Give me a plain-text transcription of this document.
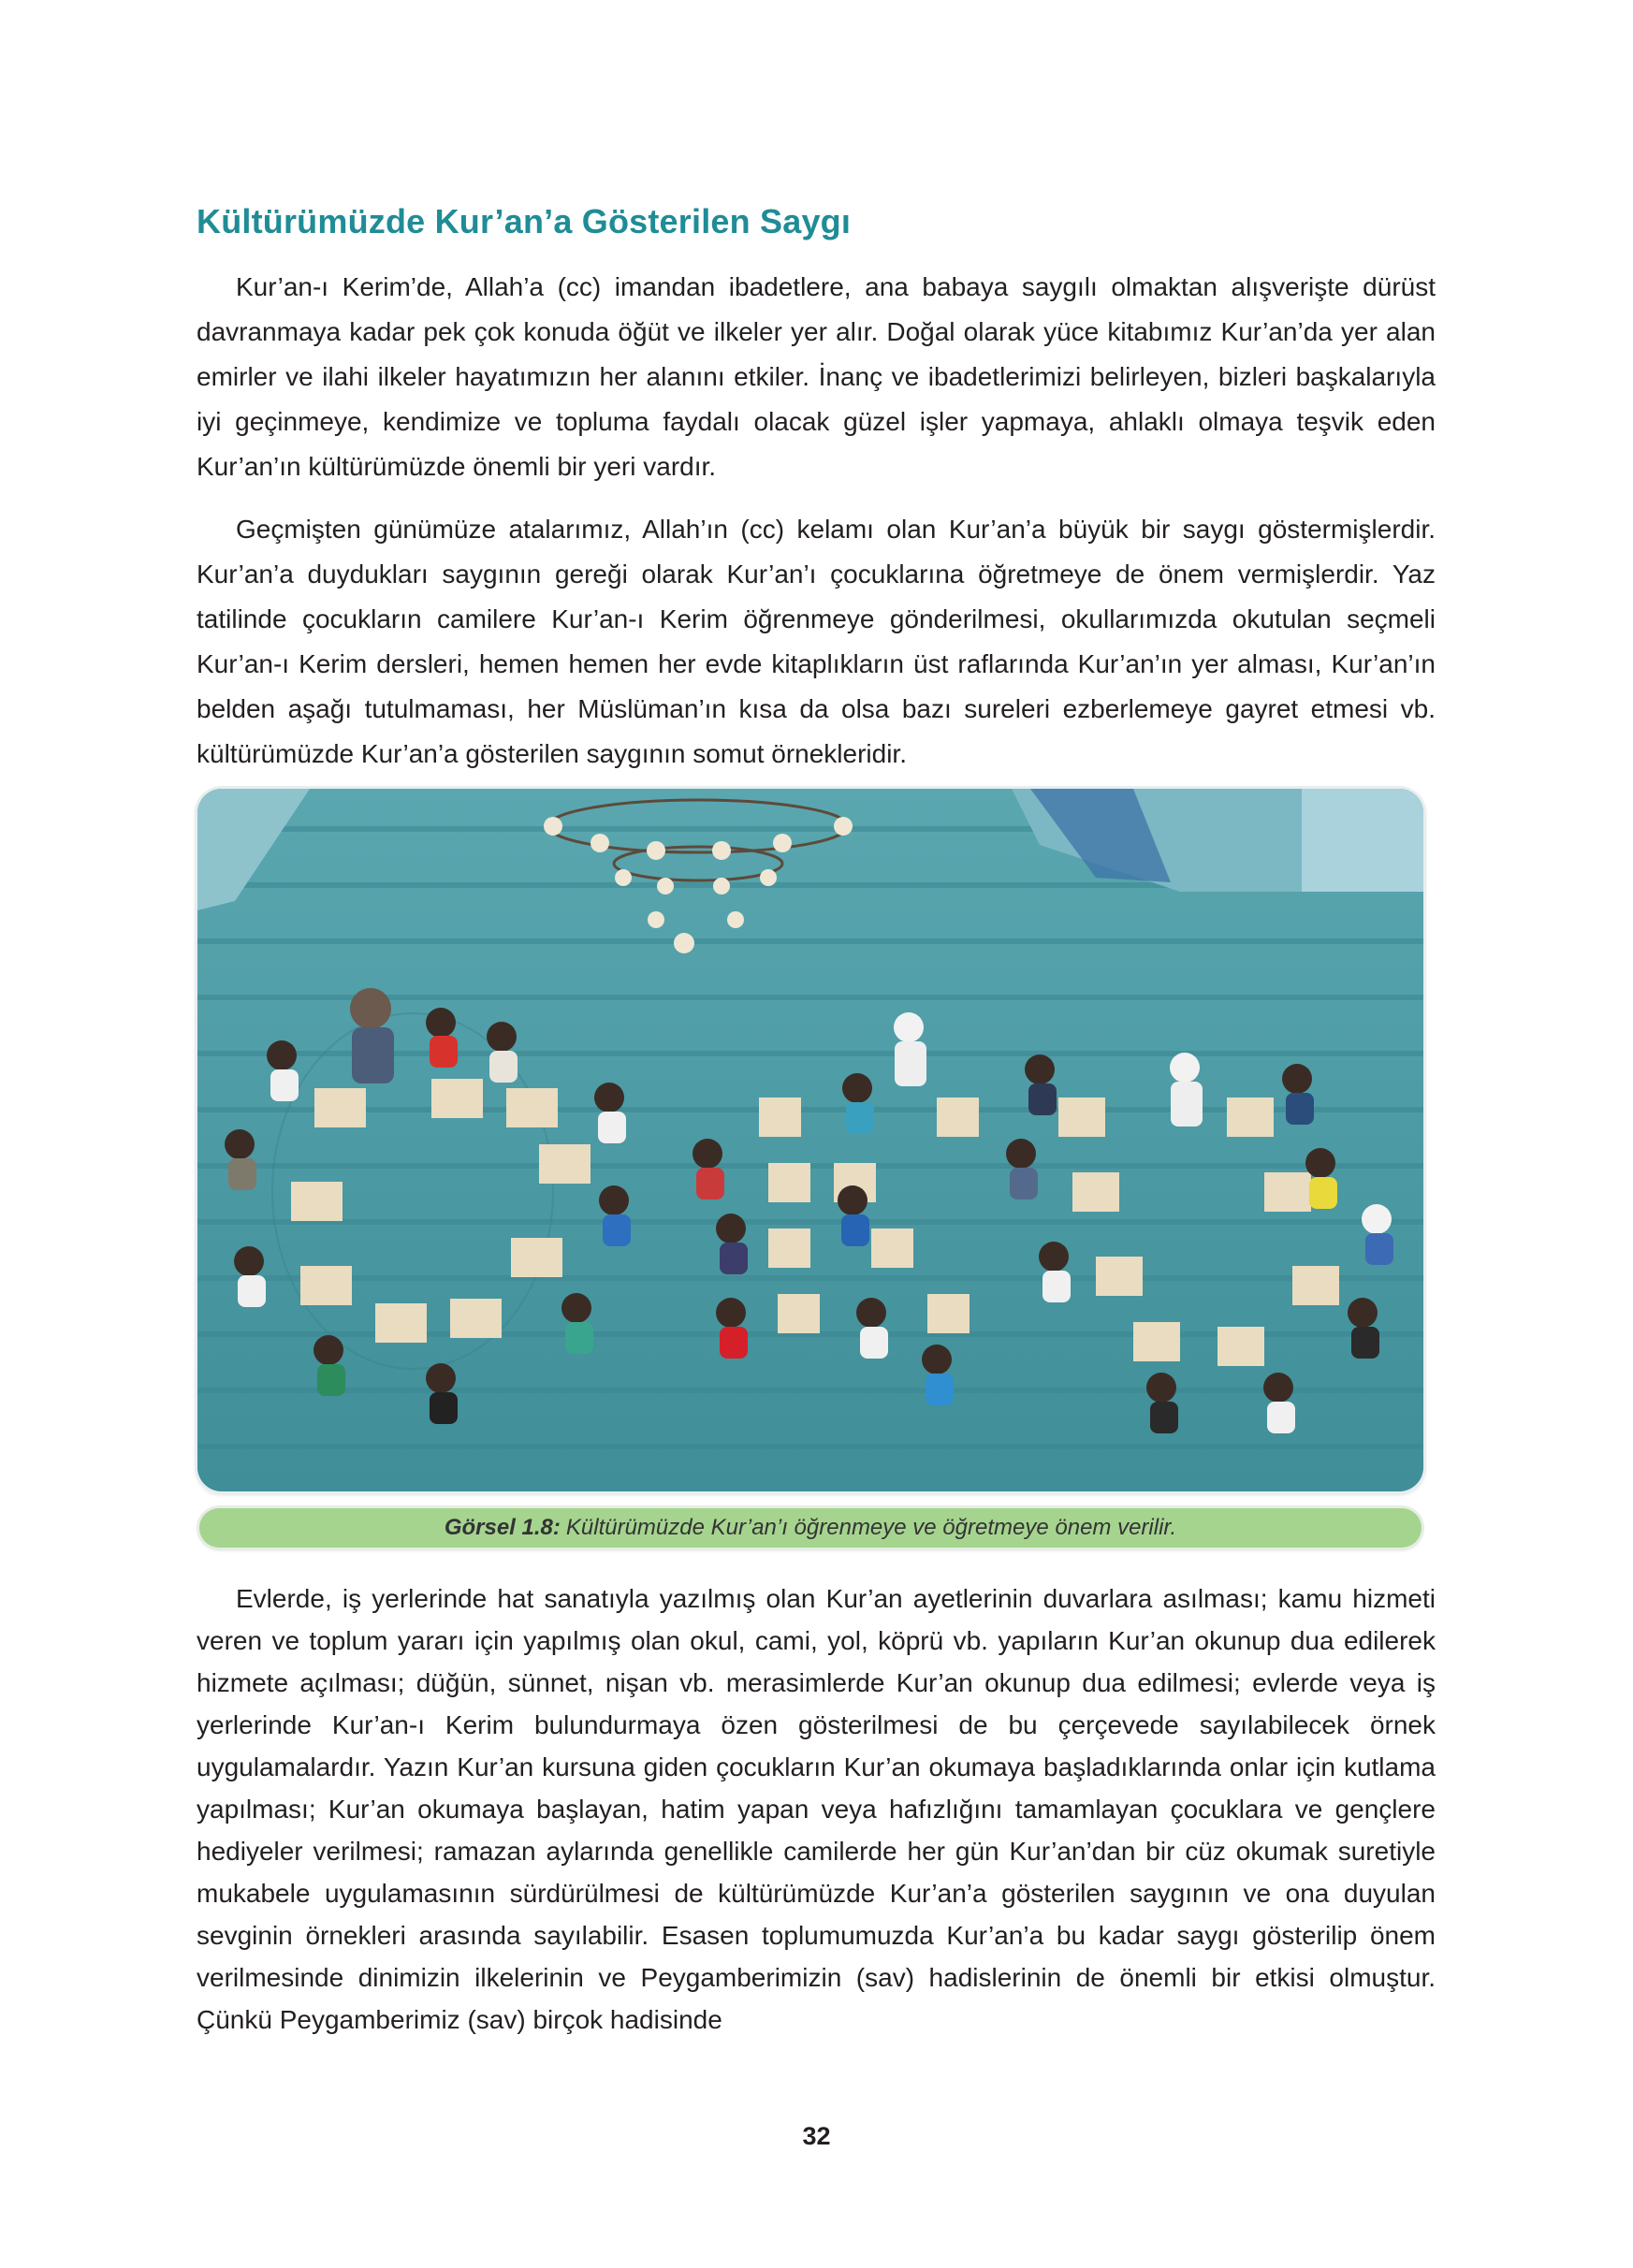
Kültürümüzde Kur’an’a Gösterilen Saygı

Kur’an-ı Kerim’de, Allah’a (cc) imandan ibadetlere, ana babaya saygılı olmaktan alışverişte dürüst davranmaya kadar pek çok konuda öğüt ve ilkeler yer alır. Doğal olarak yüce kitabımız Kur’an’da yer alan emirler ve ilahi ilkeler hayatımızın her alanını etkiler. İnanç ve ibadetlerimizi belirleyen, bizleri başkalarıyla iyi geçinmeye, kendimize ve topluma faydalı olacak güzel işler yapmaya, ahlaklı olmaya teşvik eden Kur’an’ın kültürümüzde önemli bir yeri vardır.

Geçmişten günümüze atalarımız, Allah’ın (cc) kelamı olan Kur’an’a büyük bir saygı göstermişlerdir. Kur’an’a duydukları saygının gereği olarak Kur’an’ı çocuklarına öğretmeye de önem vermişlerdir. Yaz tatilinde çocukların camilere Kur’an-ı Kerim öğrenmeye gönderilmesi, okullarımızda okutulan seçmeli Kur’an-ı Kerim dersleri, hemen hemen her evde kitaplıkların üst raflarında Kur’an’ın yer alması, Kur’an’ın belden aşağı tutulmaması, her Müslüman’ın kısa da olsa bazı sureleri ezberlemeye gayret etmesi vb. kültürümüzde Kur’an’a gösterilen saygının somut örnekleridir.

Görsel 1.8: Kültürümüzde Kur’an’ı öğrenmeye ve öğretmeye önem verilir.

Evlerde, iş yerlerinde hat sanatıyla yazılmış olan Kur’an ayetlerinin duvarlara asılması; kamu hizmeti veren ve toplum yararı için yapılmış olan okul, cami, yol, köprü vb. yapıların Kur’an okunup dua edilerek hizmete açılması; düğün, sünnet, nişan vb. merasimlerde Kur’an okunup dua edilmesi; evlerde veya iş yerlerinde Kur’an-ı Kerim bulundurmaya özen gösterilmesi de bu çerçevede sayılabilecek örnek uygulamalardır. Yazın Kur’an kursuna giden çocukların Kur’an okumaya başladıklarında onlar için kutlama yapılması; Kur’an okumaya başlayan, hatim yapan veya hafızlığını tamamlayan çocuklara ve gençlere hediyeler verilmesi; ramazan aylarında genellikle camilerde her gün Kur’an’dan bir cüz okumak suretiyle mukabele uygulamasının sürdürülmesi de kültürümüzde Kur’an’a gösterilen saygının ve ona duyulan sevginin örnekleri arasında sayılabilir. Esasen toplumumuzda Kur’an’a bu kadar saygı gösterilip önem verilmesinde dinimizin ilkelerinin ve Peygamberimizin (sav) hadislerinin de önemli bir etkisi olmuştur. Çünkü Peygamberimiz (sav) birçok hadisinde

32
